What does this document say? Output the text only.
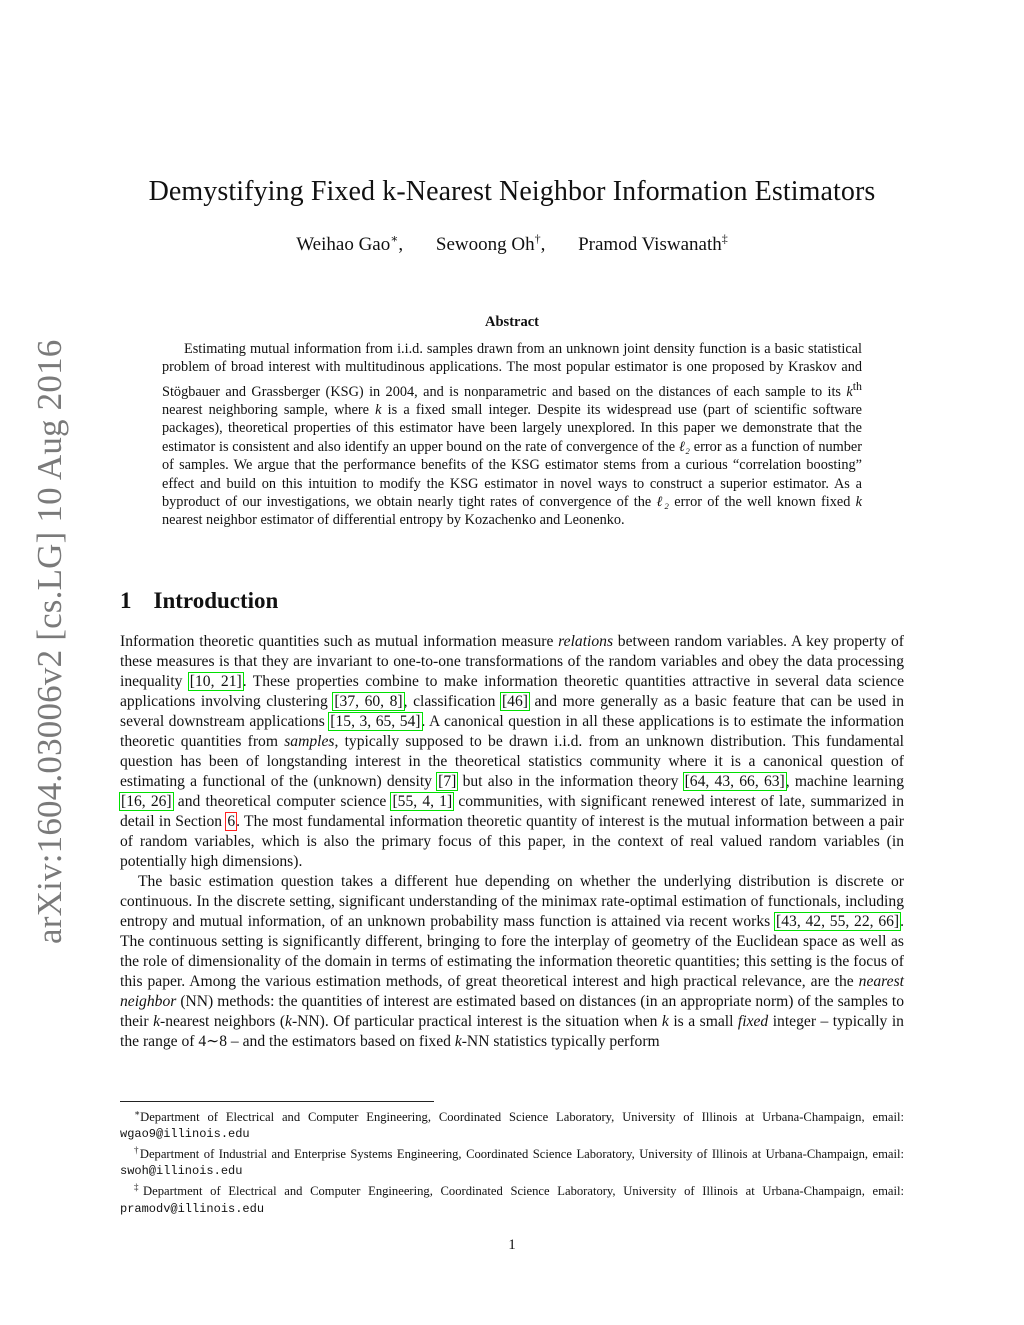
arXiv:1604.03006v2 [cs.LG] 10 Aug 2016
Demystifying Fixed k-Nearest Neighbor Information Estimators
Weihao Gao∗, Sewoong Oh†, Pramod Viswanath‡
Abstract

Estimating mutual information from i.i.d. samples drawn from an unknown joint density function is a basic statistical problem of broad interest with multitudinous applications. The most popular estimator is one proposed by Kraskov and Stögbauer and Grassberger (KSG) in 2004, and is nonparametric and based on the distances of each sample to its $k^{th}$ nearest neighboring sample, where k is a fixed small integer. Despite its widespread use (part of scientific software packages), theoretical properties of this estimator have been largely unexplored. In this paper we demonstrate that the estimator is consistent and also identify an upper bound on the rate of convergence of the ℓ₂ error as a function of number of samples. We argue that the performance benefits of the KSG estimator stems from a curious “correlation boosting” effect and build on this intuition to modify the KSG estimator in novel ways to construct a superior estimator. As a byproduct of our investigations, we obtain nearly tight rates of convergence of the ℓ₂ error of the well known fixed k nearest neighbor estimator of differential entropy by Kozachenko and Leonenko.

1 Introduction

Information theoretic quantities such as mutual information measure relations between random variables. A key property of these measures is that they are invariant to one-to-one transformations of the random variables and obey the data processing inequality [10, 21]. These properties combine to make information theoretic quantities attractive in several data science applications involving clustering [37, 60, 8], classification [46] and more generally as a basic feature that can be used in several downstream applications [15, 3, 65, 54]. A canonical question in all these applications is to estimate the information theoretic quantities from samples, typically supposed to be drawn i.i.d. from an unknown distribution. This fundamental question has been of longstanding interest in the theoretical statistics community where it is a canonical question of estimating a functional of the (unknown) density [7] but also in the information theory [64, 43, 66, 63], machine learning [16, 26] and theoretical computer science [55, 4, 1] communities, with significant renewed interest of late, summarized in detail in Section 6. The most fundamental information theoretic quantity of interest is the mutual information between a pair of random variables, which is also the primary focus of this paper, in the context of real valued random variables (in potentially high dimensions).

The basic estimation question takes a different hue depending on whether the underlying distribution is discrete or continuous. In the discrete setting, significant understanding of the minimax rate-optimal estimation of functionals, including entropy and mutual information, of an unknown probability mass function is attained via recent works [43, 42, 55, 22, 66]. The continuous setting is significantly different, bringing to fore the interplay of geometry of the Euclidean space as well as the role of dimensionality of the domain in terms of estimating the information theoretic quantities; this setting is the focus of this paper. Among the various estimation methods, of great theoretical interest and high practical relevance, are the nearest neighbor (NN) methods: the quantities of interest are estimated based on distances (in an appropriate norm) of the samples to their k-nearest neighbors (k-NN). Of particular practical interest is the situation when k is a small fixed integer – typically in the range of 4∼8 – and the estimators based on fixed k-NN statistics typically perform

∗Department of Electrical and Computer Engineering, Coordinated Science Laboratory, University of Illinois at Urbana-Champaign, email: wgao9@illinois.edu

†Department of Industrial and Enterprise Systems Engineering, Coordinated Science Laboratory, University of Illinois at Urbana-Champaign, email: swoh@illinois.edu

‡Department of Electrical and Computer Engineering, Coordinated Science Laboratory, University of Illinois at Urbana-Champaign, email: pramodv@illinois.edu

1
